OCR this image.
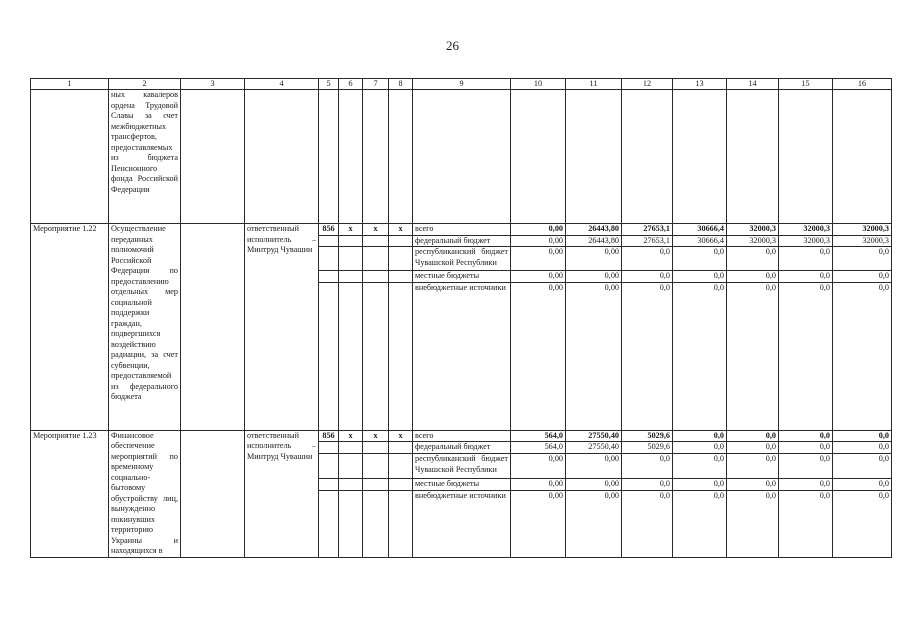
26
1	2	3	4	5	6	7	8	9	10	11	12	13	14	15	16
	ных кавалеров ордена Трудовой Славы за счет межбюджетных трансфертов, предоставляемых из бюджета Пенсионного фонда Российской Федерации														
Мероприятие 1.22	Осуществление переданных полномочий Российской Федерации по предоставлению отдельных мер социальной поддержки граждан, подвергшихся воздействию радиации, за счет субвенции, предоставляемой из федерального бюджета		ответственный исполнитель – Минтруд Чувашии	856	x	x	x	всего	0,00	26443,80	27653,1	30666,4	32000,3	32000,3	32000,3
								федеральный бюджет	0,00	26443,80	27653,1	30666,4	32000,3	32000,3	32000,3
								республиканский бюджет Чувашской Республики	0,00	0,00	0,0	0,0	0,0	0,0	0,0
								местные бюджеты	0,00	0,00	0,0	0,0	0,0	0,0	0,0
								внебюджетные источники	0,00	0,00	0,0	0,0	0,0	0,0	0,0
Мероприятие 1.23	Финансовое обеспечение мероприятий по временному социально-бытовому обустройству лиц, вынужденно покинувших территорию Украины и находящихся в		ответственный исполнитель – Минтруд Чувашии	856	x	x	x	всего	564,0	27550,40	5029,6	0,0	0,0	0,0	0,0
								федеральный бюджет	564,0	27550,40	5029,6	0,0	0,0	0,0	0,0
								республиканский бюджет Чувашской Республики	0,00	0,00	0,0	0,0	0,0	0,0	0,0
								местные бюджеты	0,00	0,00	0,0	0,0	0,0	0,0	0,0
								внебюджетные источники	0,00	0,00	0,0	0,0	0,0	0,0	0,0
